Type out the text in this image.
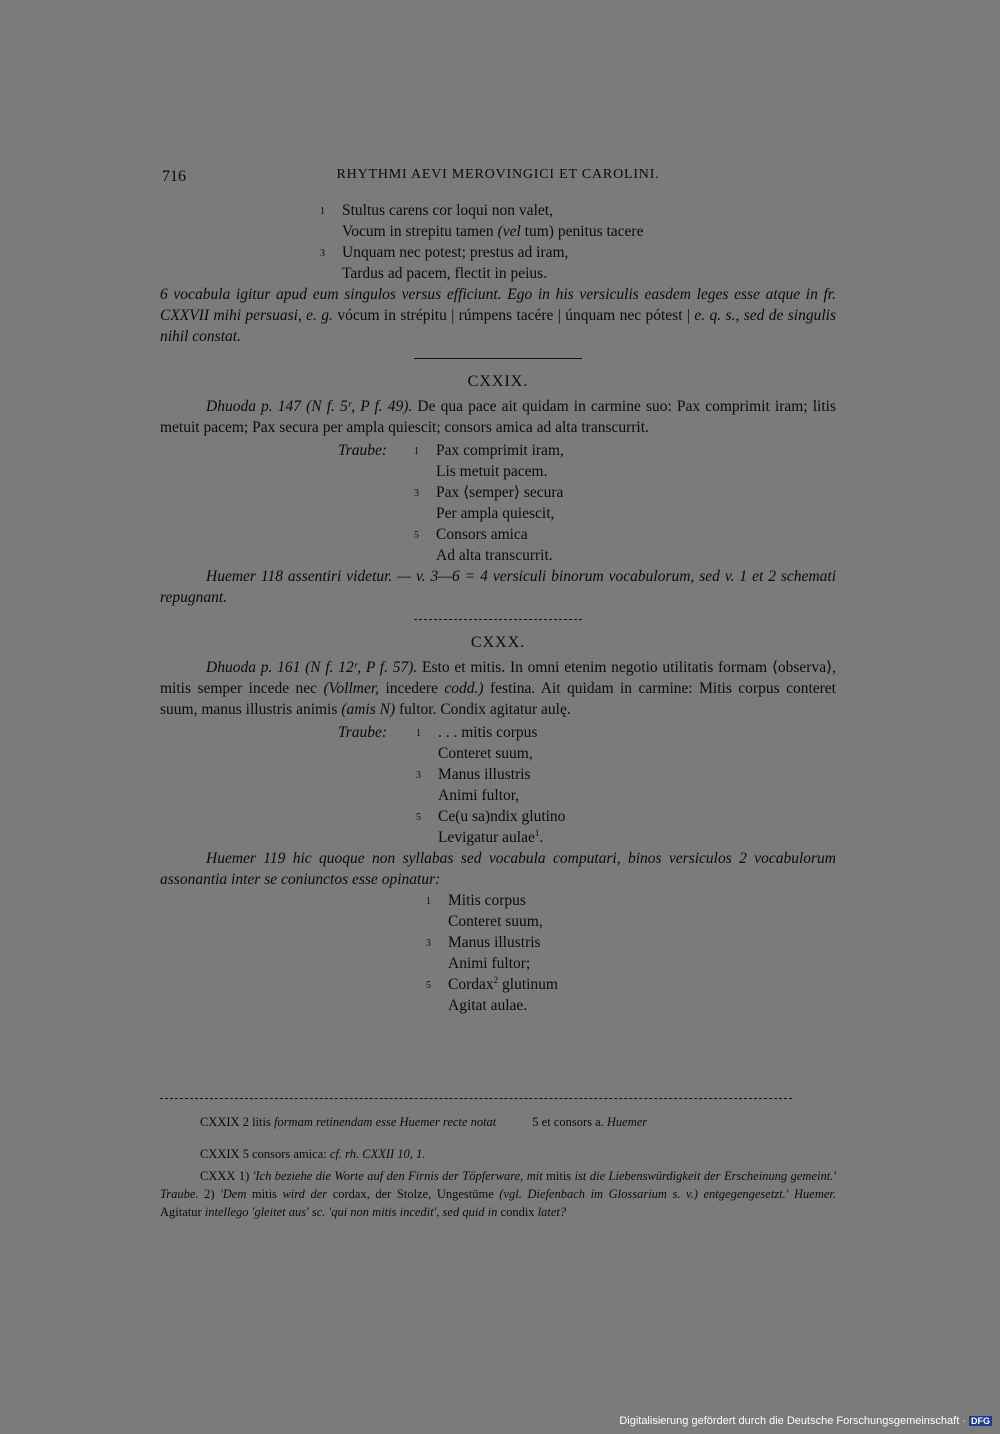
716	RHYTHMI AEVI MEROVINGICI ET CAROLINI.
1 Stultus carens cor loqui non valet,
Vocum in strepitu tamen (vel tum) penitus tacere
3 Unquam nec potest; prestus ad iram,
Tardus ad pacem, flectit in peius.

6 vocabula igitur apud eum singulos versus efficiunt. Ego in his versiculis easdem leges esse atque in fr. CXXVII mihi persuasi, e. g. vócum in strépitu | rúmpens tacére | únquam nec pótest | e. q. s., sed de singulis nihil constat.

CXXIX.

Dhuoda p. 147 (N f. 5ʳ, P f. 49). De qua pace ait quidam in carmine suo: Pax comprimit iram; litis metuit pacem; Pax secura per ampla quiescit; consors amica ad alta transcurrit.

Traube:	1 Pax comprimit iram,
Lis metuit pacem.
3 Pax ⟨semper⟩ secura
Per ampla quiescit,
5 Consors amica
Ad alta transcurrit.

Huemer 118 assentiri videtur. — v. 3—6 = 4 versiculi binorum vocabulorum, sed v. 1 et 2 schemati repugnant.

CXXX.

Dhuoda p. 161 (N f. 12ʳ, P f. 57). Esto et mitis. In omni etenim negotio utilitatis formam ⟨observa⟩, mitis semper incede nec (Vollmer, incedere codd.) festina. Ait quidam in carmine: Mitis corpus conteret suum, manus illustris animis (amis N) fultor. Condix agitatur aulę.

Traube:	1 . . . mitis corpus
Conteret suum,
3 Manus illustris
Animi fultor,
5 Ce(u sa)ndix glutino
Levigatur aulae$^1$.

Huemer 119 hic quoque non syllabas sed vocabula computari, binos versiculos 2 vocabulorum assonantia inter se coniunctos esse opinatur:

1 Mitis corpus
Conteret suum,
3 Manus illustris
Animi fultor;
5 Cordax$^2$ glutinum
Agitat aulae.
CXXIX 2 litis formam retinendam esse Huemer recte notat	5 et consors a. Huemer
CXXIX 5 consors amica: cf. rh. CXXII 10, 1.
CXXX 1) 'Ich beziehe die Worte auf den Firnis der Töpferware, mit mitis ist die Liebenswürdigkeit der Erscheinung gemeint.' Traube. 2) 'Dem mitis wird der cordax, der Stolze, Ungestüme (vgl. Diefenbach im Glossarium s. v.) entgegengesetzt.' Huemer. Agitatur intellego 'gleitet aus' sc. 'qui non mitis incedit', sed quid in condix latet?
Digitalisierung gefördert durch die Deutsche Forschungsgemeinschaft · DFG
